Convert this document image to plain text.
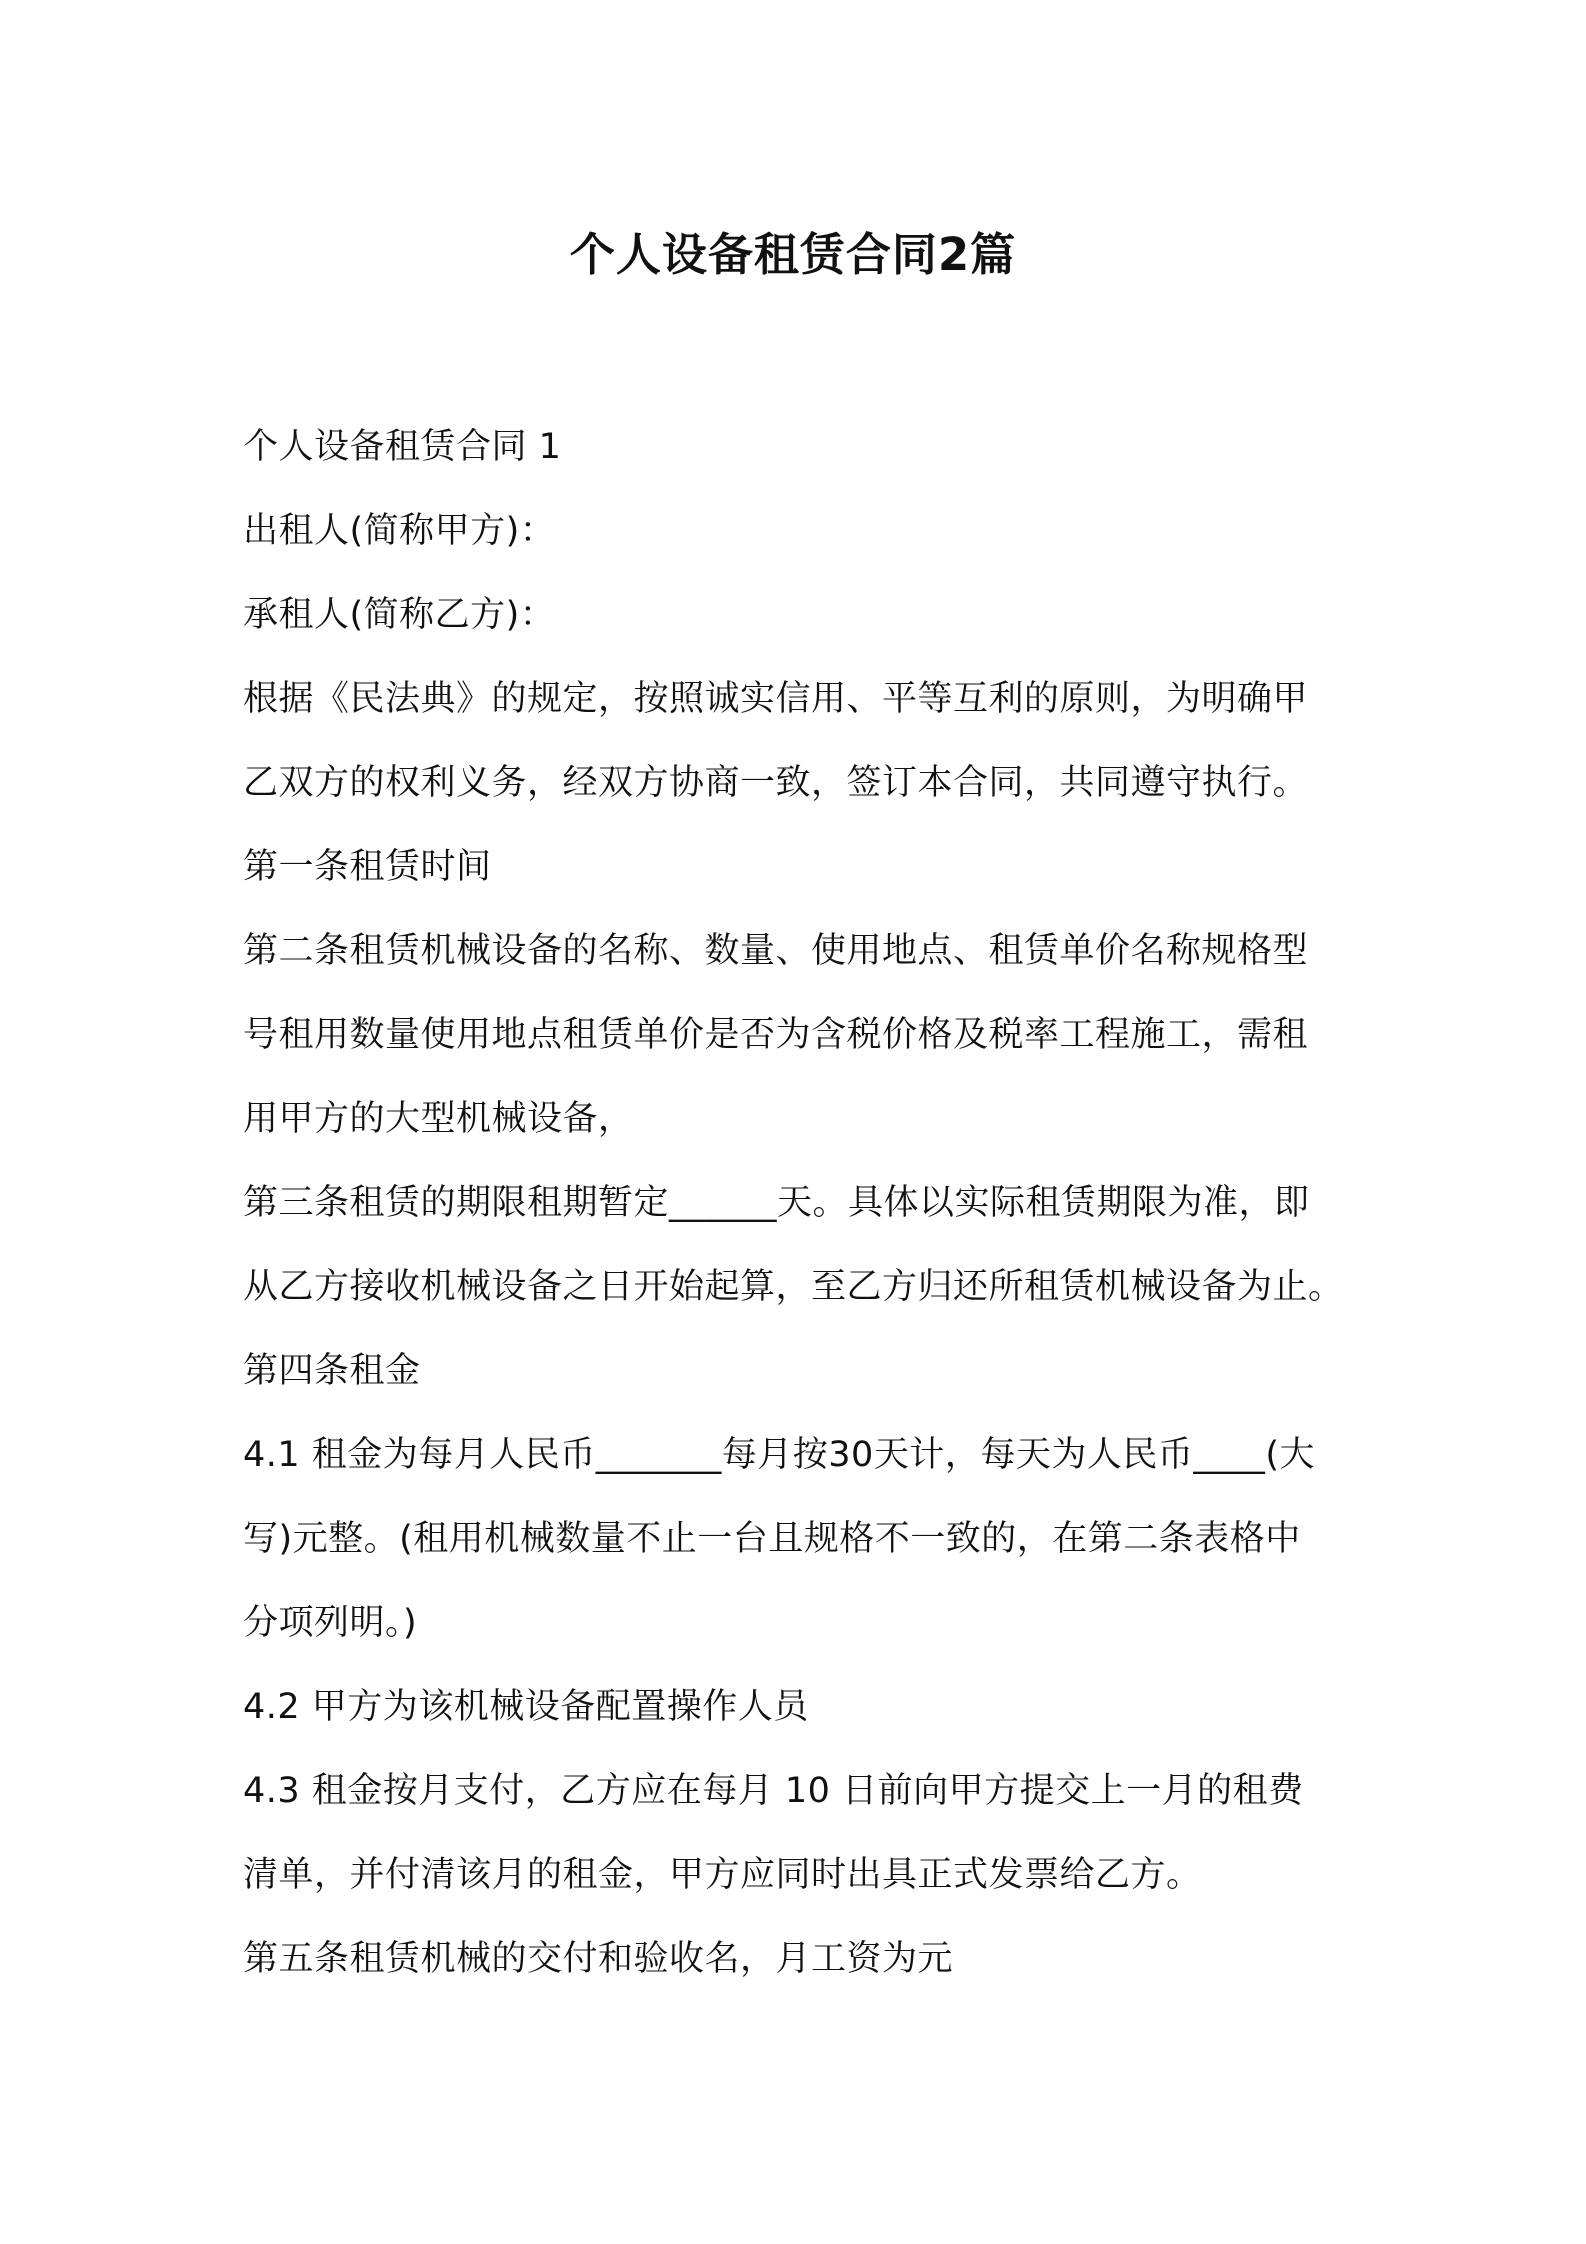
个人设备租赁合同2篇
个人设备租赁合同 1
出租人(简称甲方)：
承租人(简称乙方)：
根据《民法典》的规定，按照诚实信用、平等互利的原则，为明确甲
乙双方的权利义务，经双方协商一致，签订本合同，共同遵守执行。
第一条租赁时间
第二条租赁机械设备的名称、数量、使用地点、租赁单价名称规格型
号租用数量使用地点租赁单价是否为含税价格及税率工程施工，需租
用甲方的大型机械设备，
第三条租赁的期限租期暂定______天。具体以实际租赁期限为准，即
从乙方接收机械设备之日开始起算，至乙方归还所租赁机械设备为止。
第四条租金
4.1 租金为每月人民币_______每月按30天计，每天为人民币____(大
写)元整。(租用机械数量不止一台且规格不一致的，在第二条表格中
分项列明。)
4.2 甲方为该机械设备配置操作人员
4.3 租金按月支付，乙方应在每月 10 日前向甲方提交上一月的租费
清单，并付清该月的租金，甲方应同时出具正式发票给乙方。
第五条租赁机械的交付和验收名，月工资为元
